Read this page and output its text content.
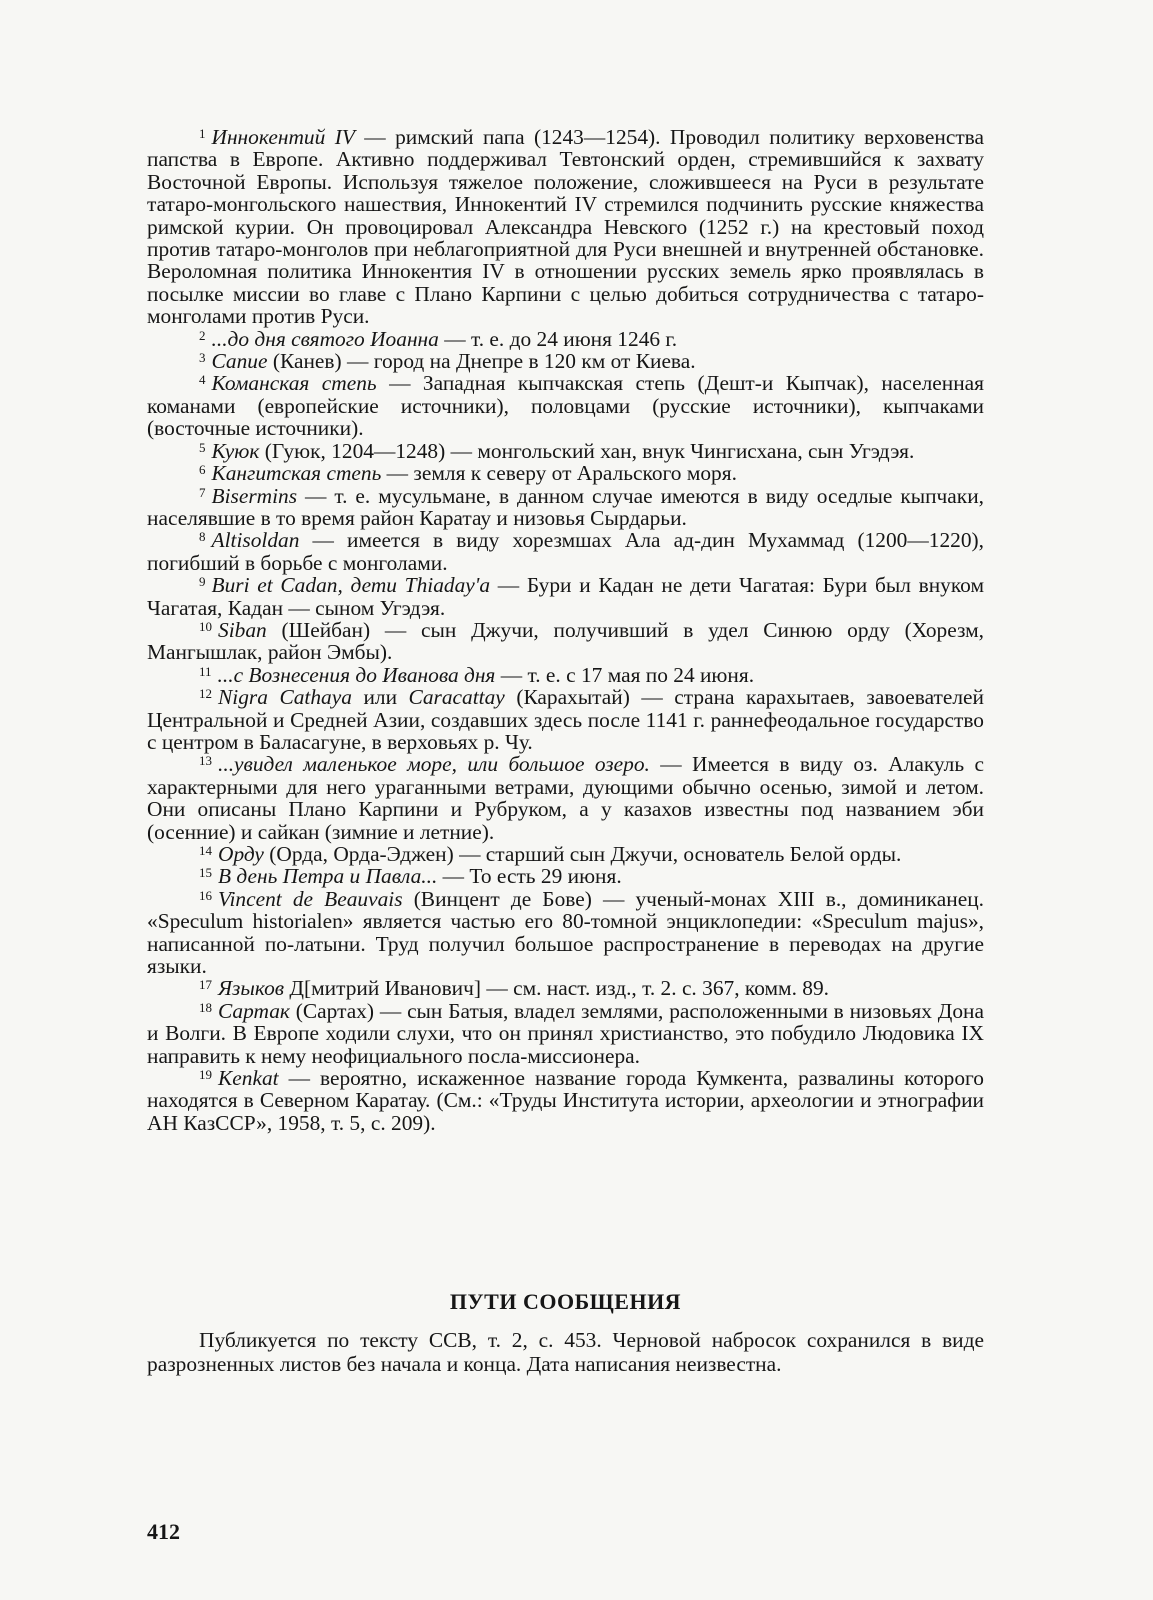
$^1$ Иннокентий IV — римский папа (1243—1254). Проводил политику верховенства папства в Европе. Активно поддерживал Тевтонский орден, стремившийся к захвату Восточной Европы. Используя тяжелое положение, сложившееся на Руси в результате татаро-монгольского нашествия, Иннокентий IV стремился подчинить русские княжества римской курии. Он провоцировал Александра Невского (1252 г.) на крестовый поход против татаро-монголов при неблагоприятной для Руси внешней и внутренней обстановке. Вероломная политика Иннокентия IV в отношении русских земель ярко проявлялась в посылке миссии во главе с Плано Карпини с целью добиться сотрудничества с татаро-монголами против Руси.

$^2$ ...до дня святого Иоанна — т. е. до 24 июня 1246 г.

$^3$ Сапие (Канев) — город на Днепре в 120 км от Киева.

$^4$ Команская степь — Западная кыпчакская степь (Дешт-и Кыпчак), населенная команами (европейские источники), половцами (русские источники), кыпчаками (восточные источники).

$^5$ Куюк (Гуюк, 1204—1248) — монгольский хан, внук Чингисхана, сын Угэдэя.

$^6$ Кангитская степь — земля к северу от Аральского моря.

$^7$ Bisermins — т. е. мусульмане, в данном случае имеются в виду оседлые кыпчаки, населявшие в то время район Каратау и низовья Сырдарьи.

$^8$ Altisoldan — имеется в виду хорезмшах Ала ад-дин Мухаммад (1200—1220), погибший в борьбе с монголами.

$^9$ Buri et Cadan, дети Thiaday'a — Бури и Кадан не дети Чагатая: Бури был внуком Чагатая, Кадан — сыном Угэдэя.

$^{10}$ Siban (Шейбан) — сын Джучи, получивший в удел Синюю орду (Хорезм, Мангышлак, район Эмбы).

$^{11}$ ...с Вознесения до Иванова дня — т. е. с 17 мая по 24 июня.

$^{12}$ Nigra Cathaya или Caracattay (Карахытай) — страна карахытаев, завоевателей Центральной и Средней Азии, создавших здесь после 1141 г. раннефеодальное государство с центром в Баласагуне, в верховьях р. Чу.

$^{13}$ ...увидел маленькое море, или большое озеро. — Имеется в виду оз. Алакуль с характерными для него ураганными ветрами, дующими обычно осенью, зимой и летом. Они описаны Плано Карпини и Рубруком, а у казахов известны под названием эби (осенние) и сайкан (зимние и летние).

$^{14}$ Орду (Орда, Орда-Эджен) — старший сын Джучи, основатель Белой орды.

$^{15}$ В день Петра и Павла... — То есть 29 июня.

$^{16}$ Vincent de Beauvais (Винцент де Бове) — ученый-монах XIII в., доминиканец. «Speculum historialen» является частью его 80-томной энциклопедии: «Speculum majus», написанной по-латыни. Труд получил большое распространение в переводах на другие языки.

$^{17}$ Языков Д[митрий Иванович] — см. наст. изд., т. 2. с. 367, комм. 89.

$^{18}$ Сартак (Сартах) — сын Батыя, владел землями, расположенными в низовьях Дона и Волги. В Европе ходили слухи, что он принял христианство, это побудило Людовика IX направить к нему неофициального посла-миссионера.

$^{19}$ Kenkat — вероятно, искаженное название города Кумкента, развалины которого находятся в Северном Каратау. (См.: «Труды Института истории, археологии и этнографии АН КазССР», 1958, т. 5, с. 209).

ПУТИ СООБЩЕНИЯ

Публикуется по тексту ССВ, т. 2, с. 453. Черновой набросок сохранился в виде разрозненных листов без начала и конца. Дата написания неизвестна.

412
